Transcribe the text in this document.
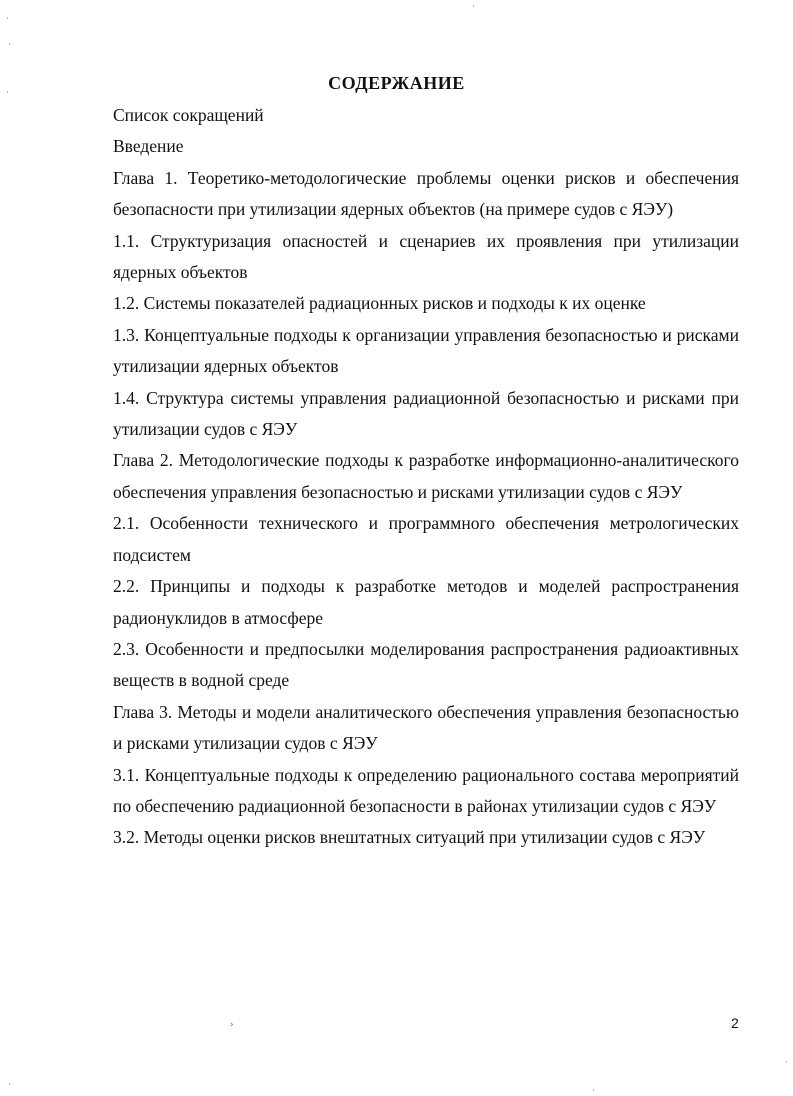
СОДЕРЖАНИЕ

Список сокращений

Введение

Глава 1. Теоретико-методологические проблемы оценки рисков и обеспечения безопасности при утилизации ядерных объектов (на примере судов с ЯЭУ)

1.1. Структуризация опасностей и сценариев их проявления при утилизации ядерных объектов

1.2. Системы показателей радиационных рисков и подходы к их оценке

1.3. Концептуальные подходы к организации управления безопасностью и рисками утилизации ядерных объектов

1.4. Структура системы управления радиационной безопасностью и рисками при утилизации судов с ЯЭУ

Глава 2. Методологические подходы к разработке информационно-аналитического обеспечения управления безопасностью и рисками утилизации судов с ЯЭУ

2.1. Особенности технического и программного обеспечения метрологических подсистем

2.2. Принципы и подходы к разработке методов и моделей распространения радионуклидов в атмосфере

2.3. Особенности и предпосылки моделирования распространения радиоактивных веществ в водной среде

Глава 3. Методы и модели аналитического обеспечения управления безопасностью и рисками утилизации судов с ЯЭУ

3.1. Концептуальные подходы к определению рационального состава мероприятий по обеспечению радиационной безопасности в районах утилизации судов с ЯЭУ

3.2. Методы оценки рисков внештатных ситуаций при утилизации судов с ЯЭУ

2
·
·
·
·
›
·
·
·
